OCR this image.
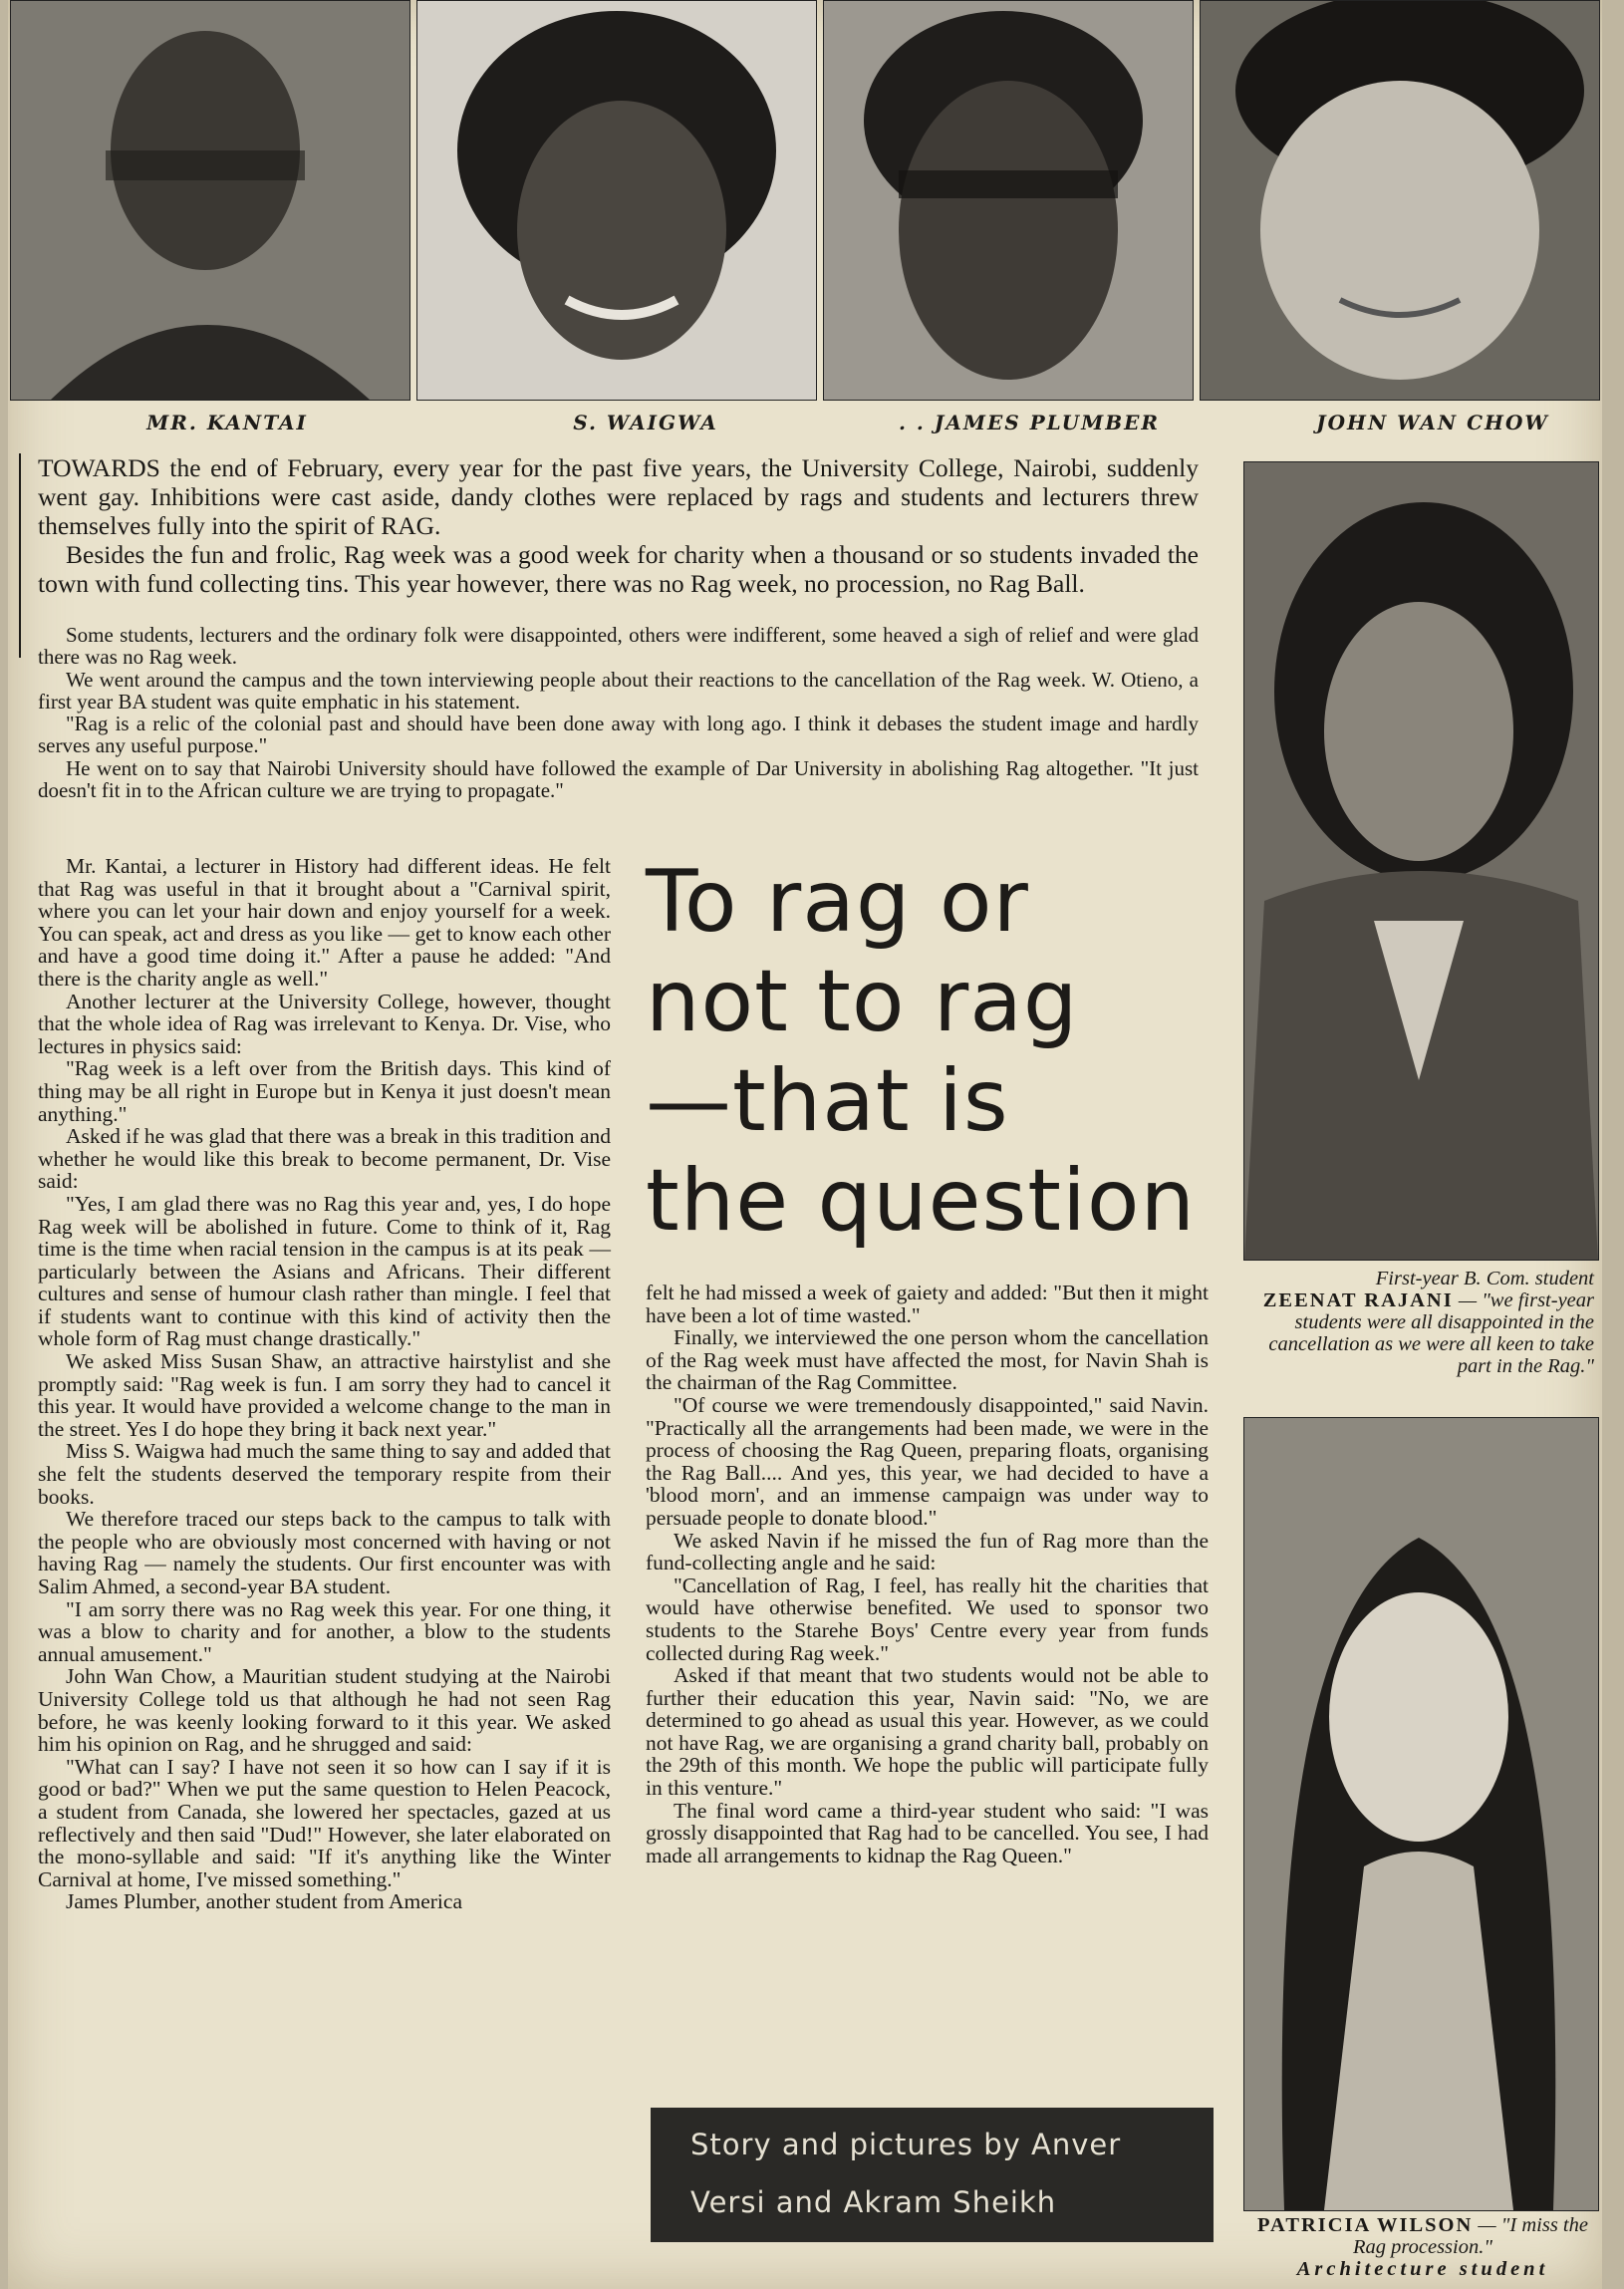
MR. KANTAI	S. WAIGWA	. . JAMES PLUMBER	JOHN WAN CHOW

TOWARDS the end of February, every year for the past five years, the University College, Nairobi, suddenly went gay. Inhibitions were cast aside, dandy clothes were replaced by rags and students and lecturers threw themselves fully into the spirit of RAG.

Besides the fun and frolic, Rag week was a good week for charity when a thousand or so students invaded the town with fund collecting tins. This year however, there was no Rag week, no procession, no Rag Ball.

Some students, lecturers and the ordinary folk were disappointed, others were indifferent, some heaved a sigh of relief and were glad there was no Rag week.

We went around the campus and the town interviewing people about their reactions to the cancellation of the Rag week. W. Otieno, a first year BA student was quite emphatic in his statement.

"Rag is a relic of the colonial past and should have been done away with long ago. I think it debases the student image and hardly serves any useful purpose."

He went on to say that Nairobi University should have followed the example of Dar University in abolishing Rag altogether. "It just doesn't fit in to the African culture we are trying to propagate."

Mr. Kantai, a lecturer in History had different ideas. He felt that Rag was useful in that it brought about a "Carnival spirit, where you can let your hair down and enjoy yourself for a week. You can speak, act and dress as you like — get to know each other and have a good time doing it." After a pause he added: "And there is the charity angle as well."

Another lecturer at the University College, however, thought that the whole idea of Rag was irrelevant to Kenya. Dr. Vise, who lectures in physics said:

"Rag week is a left over from the British days. This kind of thing may be all right in Europe but in Kenya it just doesn't mean anything."

Asked if he was glad that there was a break in this tradition and whether he would like this break to become permanent, Dr. Vise said:

"Yes, I am glad there was no Rag this year and, yes, I do hope Rag week will be abolished in future. Come to think of it, Rag time is the time when racial tension in the campus is at its peak — particularly between the Asians and Africans. Their different cultures and sense of humour clash rather than mingle. I feel that if students want to continue with this kind of activity then the whole form of Rag must change drastically."

We asked Miss Susan Shaw, an attractive hairstylist and she promptly said: "Rag week is fun. I am sorry they had to cancel it this year. It would have provided a welcome change to the man in the street. Yes I do hope they bring it back next year."

Miss S. Waigwa had much the same thing to say and added that she felt the students deserved the temporary respite from their books.

We therefore traced our steps back to the campus to talk with the people who are obviously most concerned with having or not having Rag — namely the students. Our first encounter was with Salim Ahmed, a second-year BA student.

"I am sorry there was no Rag week this year. For one thing, it was a blow to charity and for another, a blow to the students annual amusement."

John Wan Chow, a Mauritian student studying at the Nairobi University College told us that although he had not seen Rag before, he was keenly looking forward to it this year. We asked him his opinion on Rag, and he shrugged and said:

"What can I say? I have not seen it so how can I say if it is good or bad?" When we put the same question to Helen Peacock, a student from Canada, she lowered her spectacles, gazed at us reflectively and then said "Dud!" However, she later elaborated on the mono-syllable and said: "If it's anything like the Winter Carnival at home, I've missed something."

James Plumber, another student from America

To rag or
not to rag
—that is
the question

felt he had missed a week of gaiety and added: "But then it might have been a lot of time wasted."

Finally, we interviewed the one person whom the cancellation of the Rag week must have affected the most, for Navin Shah is the chairman of the Rag Committee.

"Of course we were tremendously disappointed," said Navin. "Practically all the arrangements had been made, we were in the process of choosing the Rag Queen, preparing floats, organising the Rag Ball.... And yes, this year, we had decided to have a 'blood morn', and an immense campaign was under way to persuade people to donate blood."

We asked Navin if he missed the fun of Rag more than the fund-collecting angle and he said:

"Cancellation of Rag, I feel, has really hit the charities that would have otherwise benefited. We used to sponsor two students to the Starehe Boys' Centre every year from funds collected during Rag week."

Asked if that meant that two students would not be able to further their education this year, Navin said: "No, we are determined to go ahead as usual this year. However, as we could not have Rag, we are organising a grand charity ball, probably on the 29th of this month. We hope the public will participate fully in this venture."

The final word came a third-year student who said: "I was grossly disappointed that Rag had to be cancelled. You see, I had made all arrangements to kidnap the Rag Queen."

Story and pictures by Anver
Versi and Akram Sheikh
First-year B. Com. student
ZEENAT RAJANI — "we first-year students were all disappointed in the cancellation as we were all keen to take part in the Rag."
PATRICIA WILSON — "I miss the Rag procession."
Architecture student
